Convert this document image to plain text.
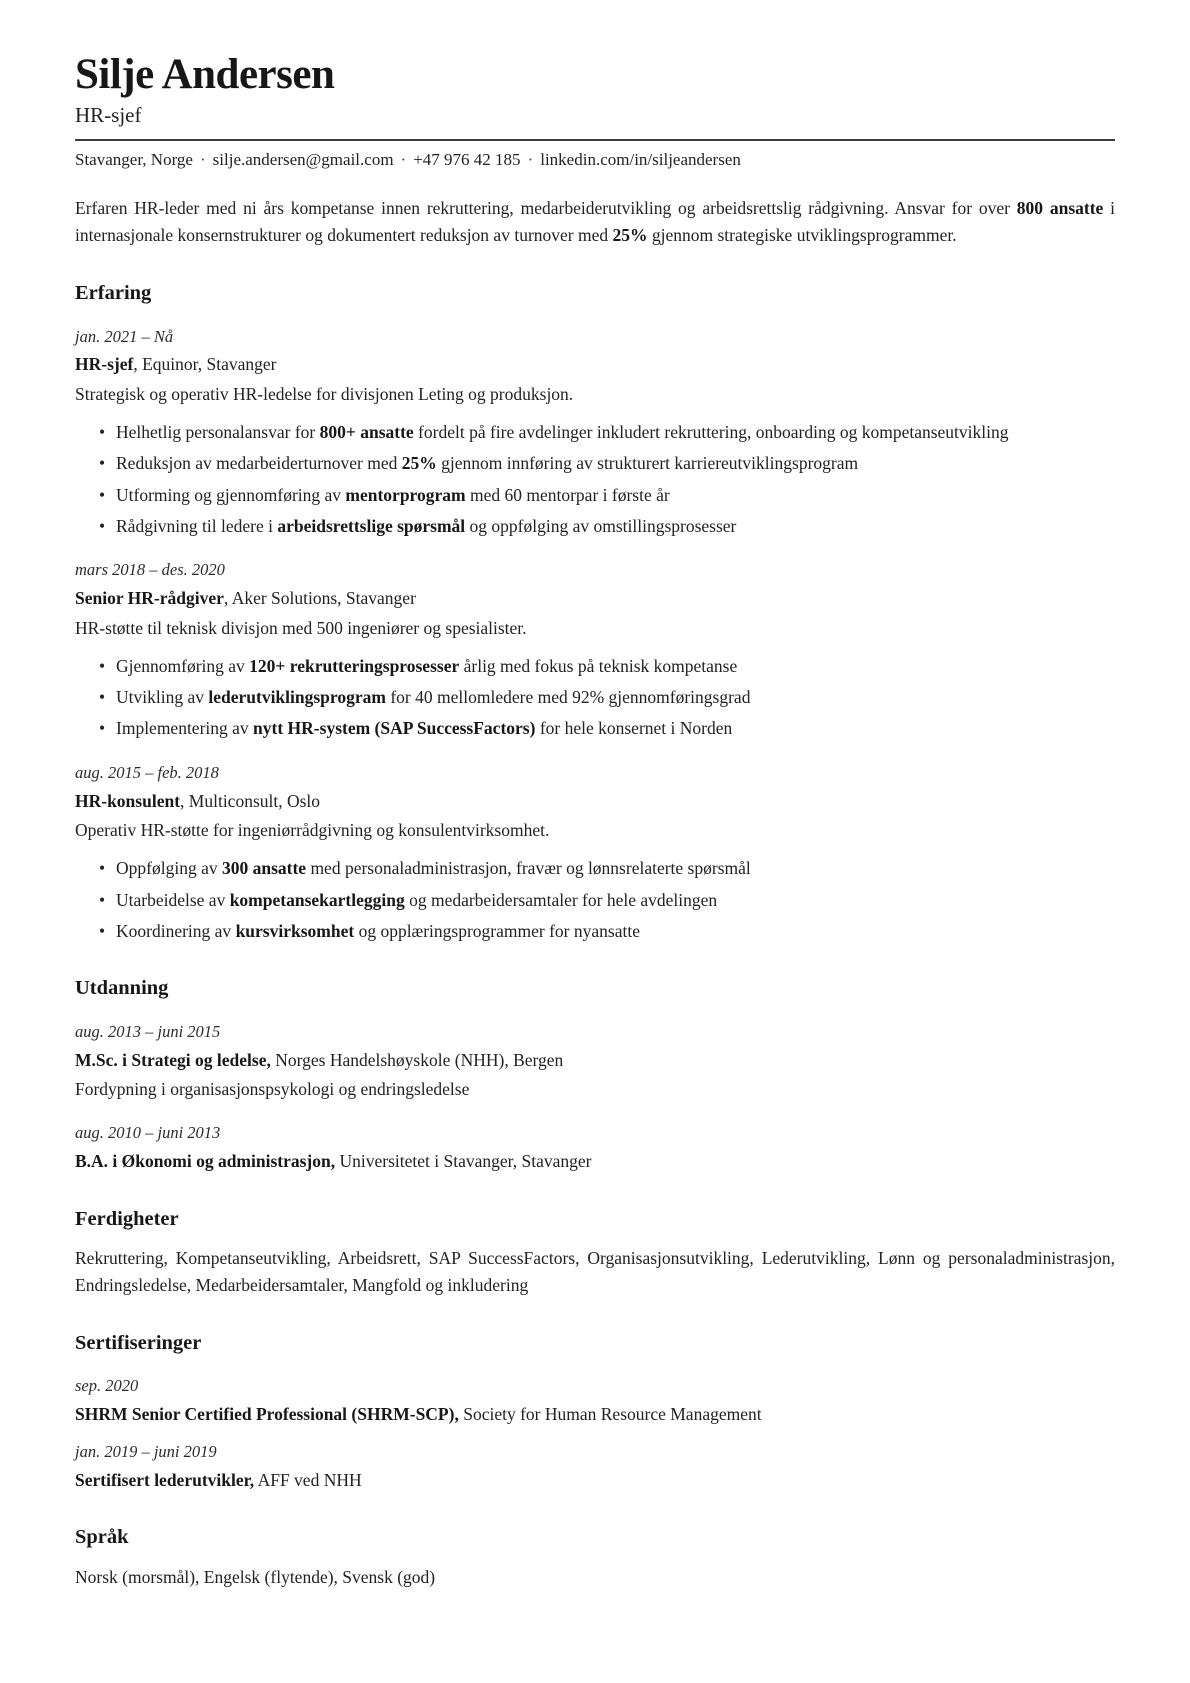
Silje Andersen
HR-sjef
Stavanger, Norge · silje.andersen@gmail.com · +47 976 42 185 · linkedin.com/in/siljeandersen

Erfaren HR-leder med ni års kompetanse innen rekruttering, medarbeiderutvikling og arbeidsrettslig rådgivning. Ansvar for over 800 ansatte i internasjonale konsernstrukturer og dokumentert reduksjon av turnover med 25% gjennom strategiske utviklingsprogrammer.

Erfaring

jan. 2021 – Nå

HR-sjef, Equinor, Stavanger

Strategisk og operativ HR-ledelse for divisjonen Leting og produksjon.

• Helhetlig personalansvar for 800+ ansatte fordelt på fire avdelinger inkludert rekruttering, onboarding og kompetanseutvikling
• Reduksjon av medarbeiderturnover med 25% gjennom innføring av strukturert karriereutviklingsprogram
• Utforming og gjennomføring av mentorprogram med 60 mentorpar i første år
• Rådgivning til ledere i arbeidsrettslige spørsmål og oppfølging av omstillingsprosesser

mars 2018 – des. 2020

Senior HR-rådgiver, Aker Solutions, Stavanger

HR-støtte til teknisk divisjon med 500 ingeniører og spesialister.

• Gjennomføring av 120+ rekrutteringsprosesser årlig med fokus på teknisk kompetanse
• Utvikling av lederutviklingsprogram for 40 mellomledere med 92% gjennomføringsgrad
• Implementering av nytt HR-system (SAP SuccessFactors) for hele konsernet i Norden

aug. 2015 – feb. 2018

HR-konsulent, Multiconsult, Oslo

Operativ HR-støtte for ingeniørrådgivning og konsulentvirksomhet.

• Oppfølging av 300 ansatte med personaladministrasjon, fravær og lønnsrelaterte spørsmål
• Utarbeidelse av kompetansekartlegging og medarbeidersamtaler for hele avdelingen
• Koordinering av kursvirksomhet og opplæringsprogrammer for nyansatte
Utdanning

aug. 2013 – juni 2015

M.Sc. i Strategi og ledelse, Norges Handelshøyskole (NHH), Bergen

Fordypning i organisasjonspsykologi og endringsledelse

aug. 2010 – juni 2013

B.A. i Økonomi og administrasjon, Universitetet i Stavanger, Stavanger

Ferdigheter

Rekruttering, Kompetanseutvikling, Arbeidsrett, SAP SuccessFactors, Organisasjonsutvikling, Lederutvikling, Lønn og personaladministrasjon, Endringsledelse, Medarbeidersamtaler, Mangfold og inkludering

Sertifiseringer

sep. 2020

SHRM Senior Certified Professional (SHRM-SCP), Society for Human Resource Management

jan. 2019 – juni 2019

Sertifisert lederutvikler, AFF ved NHH

Språk

Norsk (morsmål), Engelsk (flytende), Svensk (god)
